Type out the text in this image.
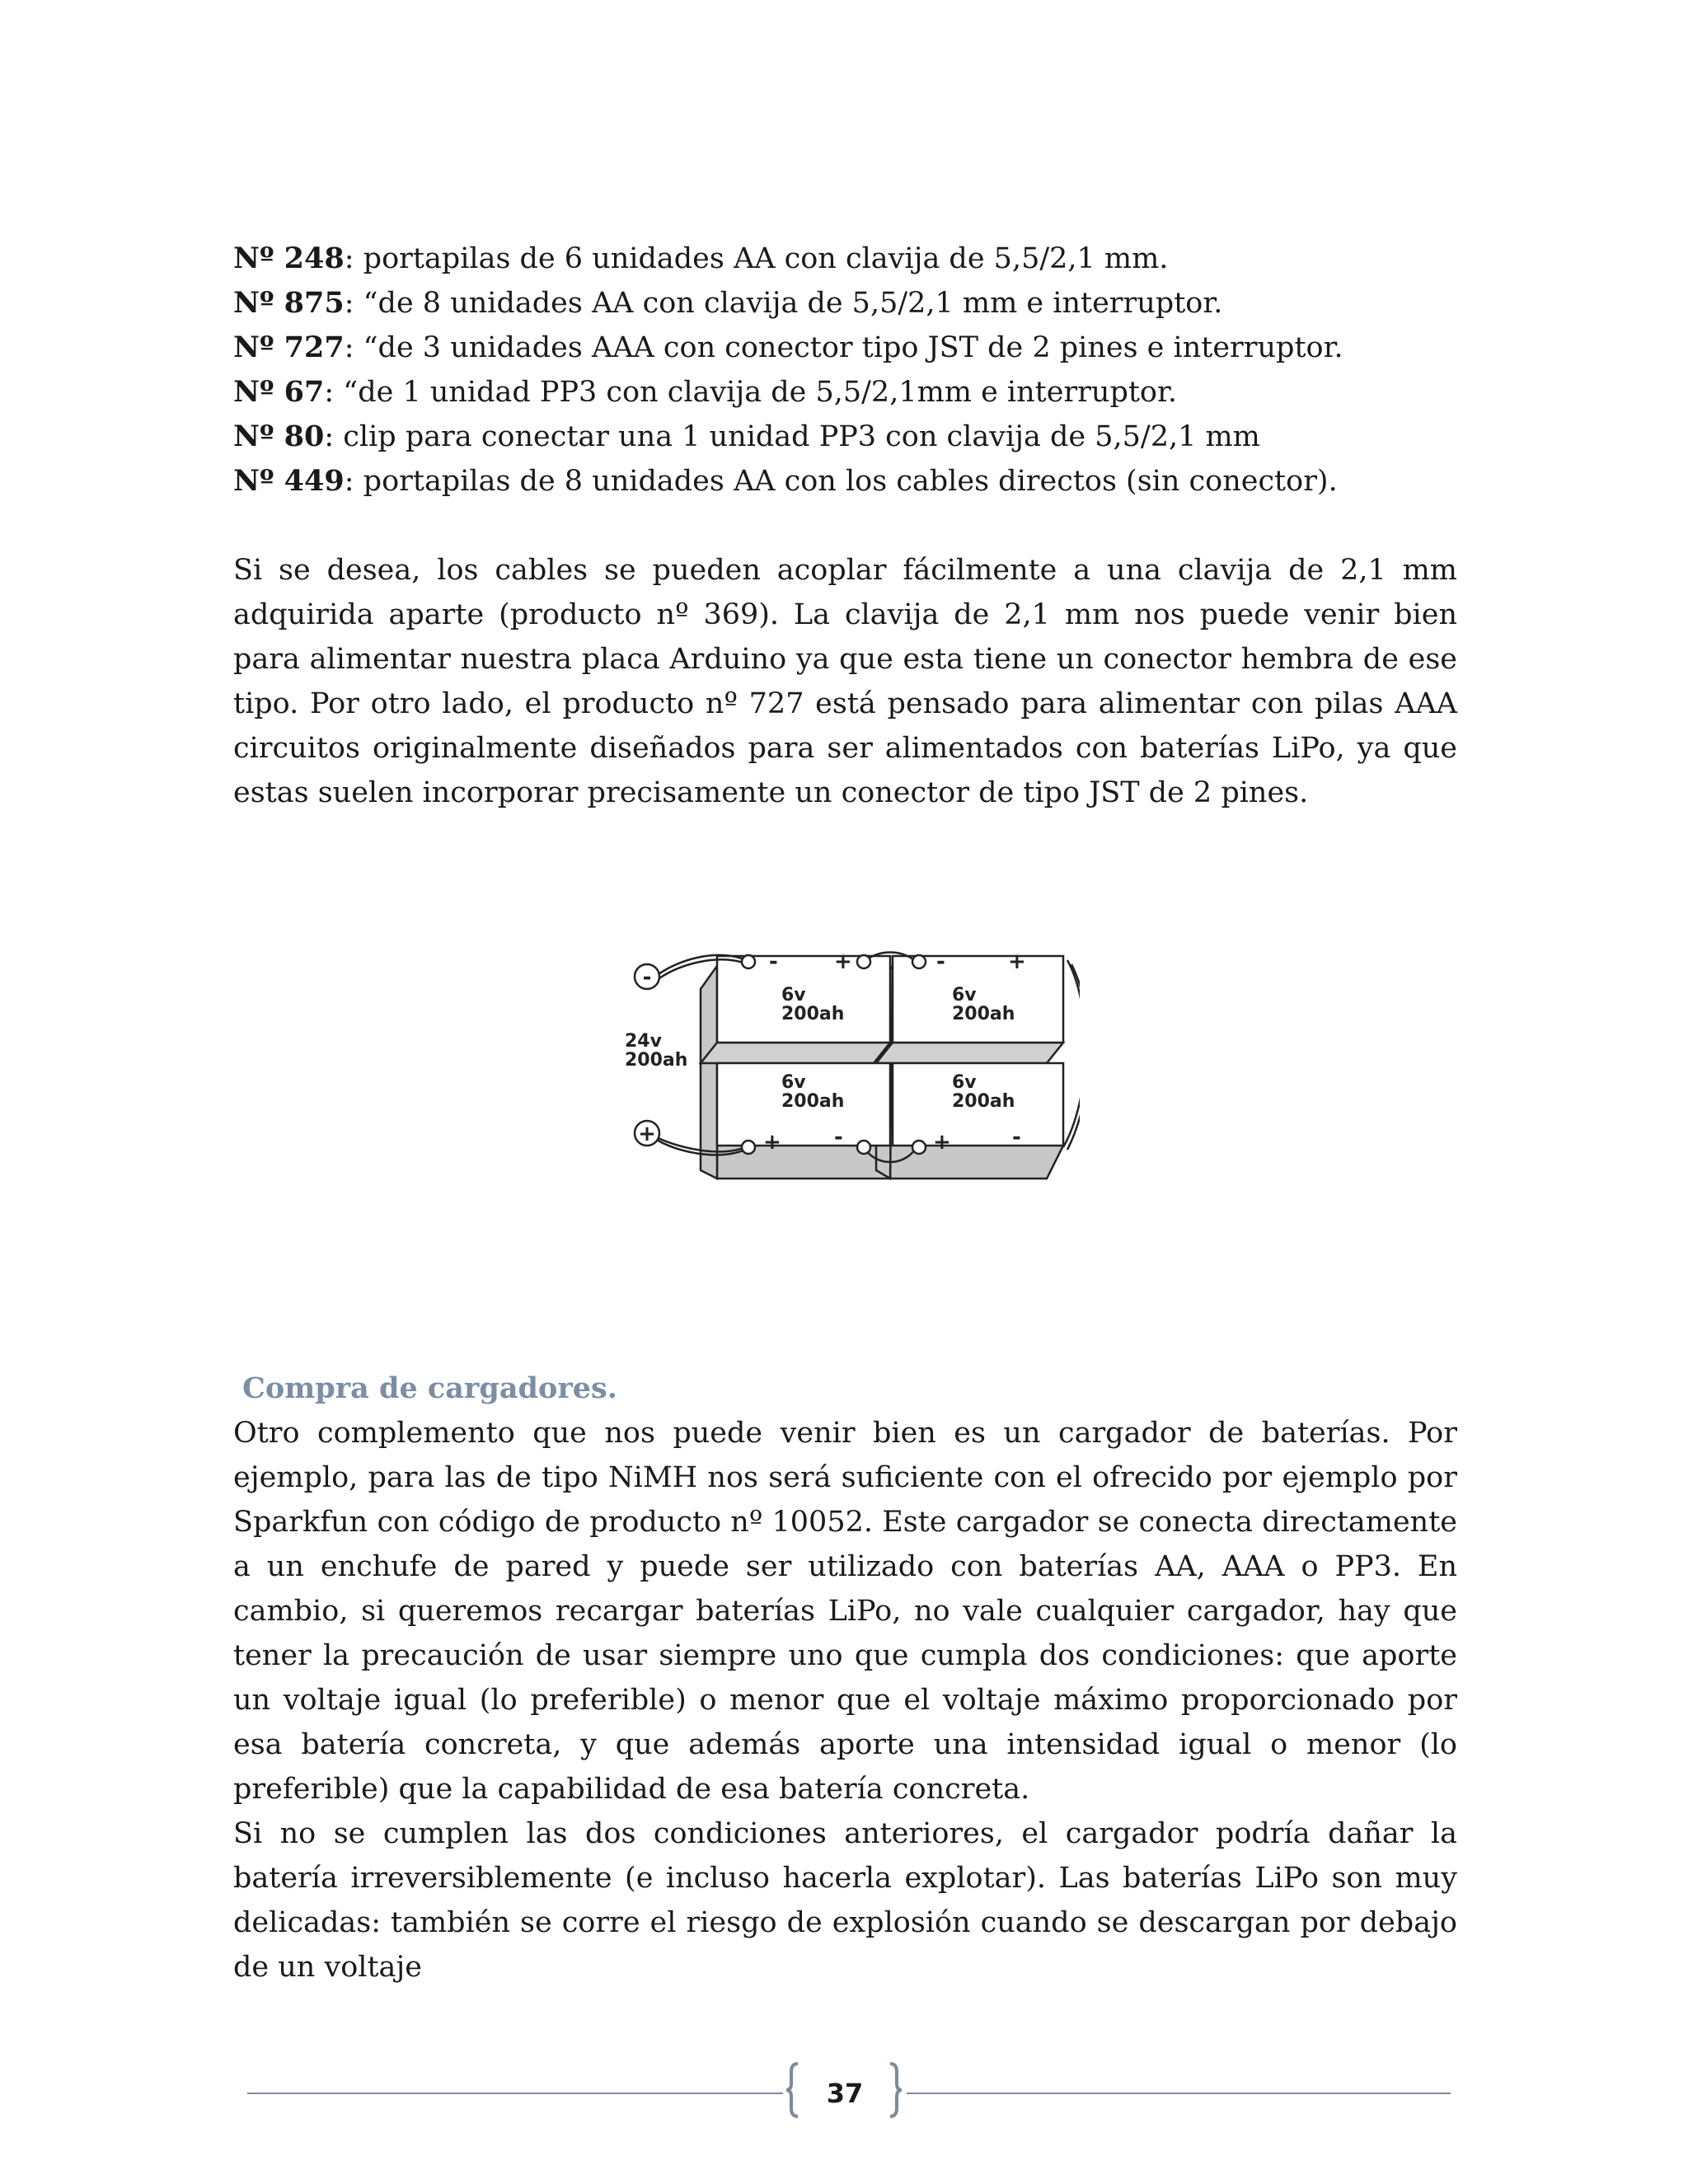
Nº 248: portapilas de 6 unidades AA con clavija de 5,5/2,1 mm.
Nº 875: “de 8 unidades AA con clavija de 5,5/2,1 mm e interruptor.
Nº 727: “de 3 unidades AAA con conector tipo JST de 2 pines e interruptor.
Nº 67: “de 1 unidad PP3 con clavija de 5,5/2,1mm e interruptor.
Nº 80: clip para conectar una 1 unidad PP3 con clavija de 5,5/2,1 mm
Nº 449: portapilas de 8 unidades AA con los cables directos (sin conector).
Si se desea, los cables se pueden acoplar fácilmente a una clavija de 2,1 mm adquirida aparte (producto nº 369). La clavija de 2,1 mm nos puede venir bien para alimentar nuestra placa Arduino ya que esta tiene un conector hembra de ese tipo. Por otro lado, el producto nº 727 está pensado para alimentar con pilas AAA circuitos originalmente diseñados para ser alimentados con baterías LiPo, ya que estas suelen incorporar precisamente un conector de tipo JST de 2 pines.
-
+
24v
200ah
-	+
6v
200ah
-	+
6v
200ah
6v
200ah
+ -
6v
200ah
+	-
Compra de cargadores.

Otro complemento que nos puede venir bien es un cargador de baterías. Por ejemplo, para las de tipo NiMH nos será suficiente con el ofrecido por ejemplo por Sparkfun con código de producto nº 10052. Este cargador se conecta directamente a un enchufe de pared y puede ser utilizado con baterías AA, AAA o PP3. En cambio, si queremos recargar baterías LiPo, no vale cualquier cargador, hay que tener la precaución de usar siempre uno que cumpla dos condiciones: que aporte un voltaje igual (lo preferible) o menor que el voltaje máximo proporcionado por esa batería concreta, y que además aporte una intensidad igual o menor (lo preferible) que la capabilidad de esa batería concreta.

Si no se cumplen las dos condiciones anteriores, el cargador podría dañar la batería irreversiblemente (e incluso hacerla explotar). Las baterías LiPo son muy delicadas: también se corre el riesgo de explosión cuando se descargan por debajo de un voltaje

37
